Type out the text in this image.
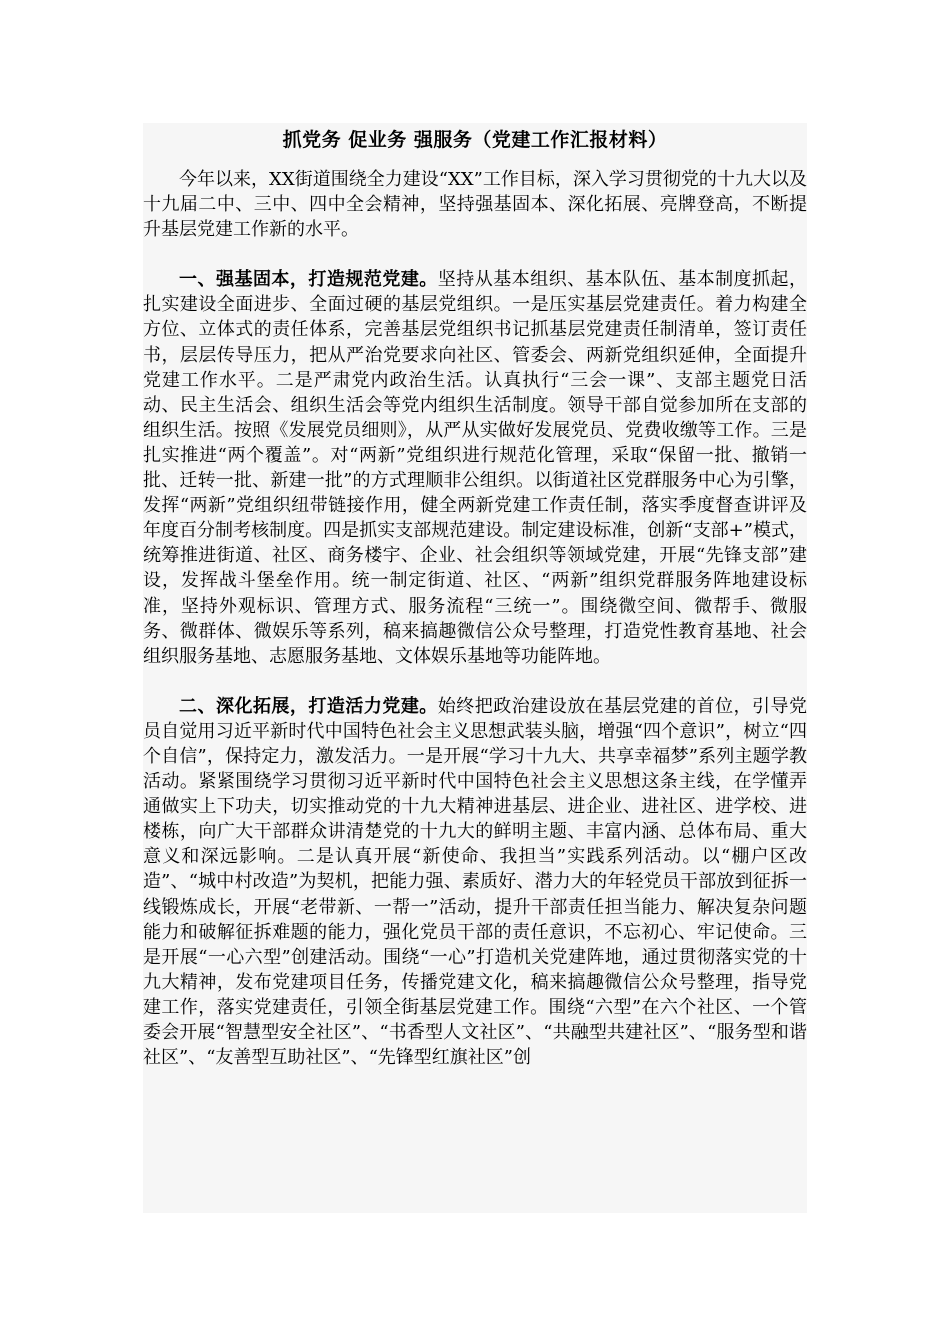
抓党务 促业务 强服务（党建工作汇报材料）

今年以来，XX街道围绕全力建设“XX”工作目标，深入学习贯彻党的十九大以及十九届二中、三中、四中全会精神，坚持强基固本、深化拓展、亮牌登高，不断提升基层党建工作新的水平。

一、强基固本，打造规范党建。坚持从基本组织、基本队伍、基本制度抓起，扎实建设全面进步、全面过硬的基层党组织。一是压实基层党建责任。着力构建全方位、立体式的责任体系，完善基层党组织书记抓基层党建责任制清单，签订责任书，层层传导压力，把从严治党要求向社区、管委会、两新党组织延伸，全面提升党建工作水平。二是严肃党内政治生活。认真执行“三会一课”、支部主题党日活动、民主生活会、组织生活会等党内组织生活制度。领导干部自觉参加所在支部的组织生活。按照《发展党员细则》，从严从实做好发展党员、党费收缴等工作。三是扎实推进“两个覆盖”。对“两新”党组织进行规范化管理，采取“保留一批、撤销一批、迁转一批、新建一批”的方式理顺非公组织。以街道社区党群服务中心为引擎，发挥“两新”党组织纽带链接作用，健全两新党建工作责任制，落实季度督查讲评及年度百分制考核制度。四是抓实支部规范建设。制定建设标准，创新“支部+”模式，统筹推进街道、社区、商务楼宇、企业、社会组织等领域党建，开展“先锋支部”建设，发挥战斗堡垒作用。统一制定街道、社区、“两新”组织党群服务阵地建设标准，坚持外观标识、管理方式、服务流程“三统一”。围绕微空间、微帮手、微服务、微群体、微娱乐等系列，稿来搞趣微信公众号整理，打造党性教育基地、社会组织服务基地、志愿服务基地、文体娱乐基地等功能阵地。

二、深化拓展，打造活力党建。始终把政治建设放在基层党建的首位，引导党员自觉用习近平新时代中国特色社会主义思想武装头脑，增强“四个意识”，树立“四个自信”，保持定力，激发活力。一是开展“学习十九大、共享幸福梦”系列主题学教活动。紧紧围绕学习贯彻习近平新时代中国特色社会主义思想这条主线，在学懂弄通做实上下功夫，切实推动党的十九大精神进基层、进企业、进社区、进学校、进楼栋，向广大干部群众讲清楚党的十九大的鲜明主题、丰富内涵、总体布局、重大意义和深远影响。二是认真开展“新使命、我担当”实践系列活动。以“棚户区改造”、“城中村改造”为契机，把能力强、素质好、潜力大的年轻党员干部放到征拆一线锻炼成长，开展“老带新、一帮一”活动，提升干部责任担当能力、解决复杂问题能力和破解征拆难题的能力，强化党员干部的责任意识，不忘初心、牢记使命。三是开展“一心六型”创建活动。围绕“一心”打造机关党建阵地，通过贯彻落实党的十九大精神，发布党建项目任务，传播党建文化，稿来搞趣微信公众号整理，指导党建工作，落实党建责任，引领全街基层党建工作。围绕“六型”在六个社区、一个管委会开展“智慧型安全社区”、“书香型人文社区”、“共融型共建社区”、“服务型和谐社区”、“友善型互助社区”、“先锋型红旗社区”创
